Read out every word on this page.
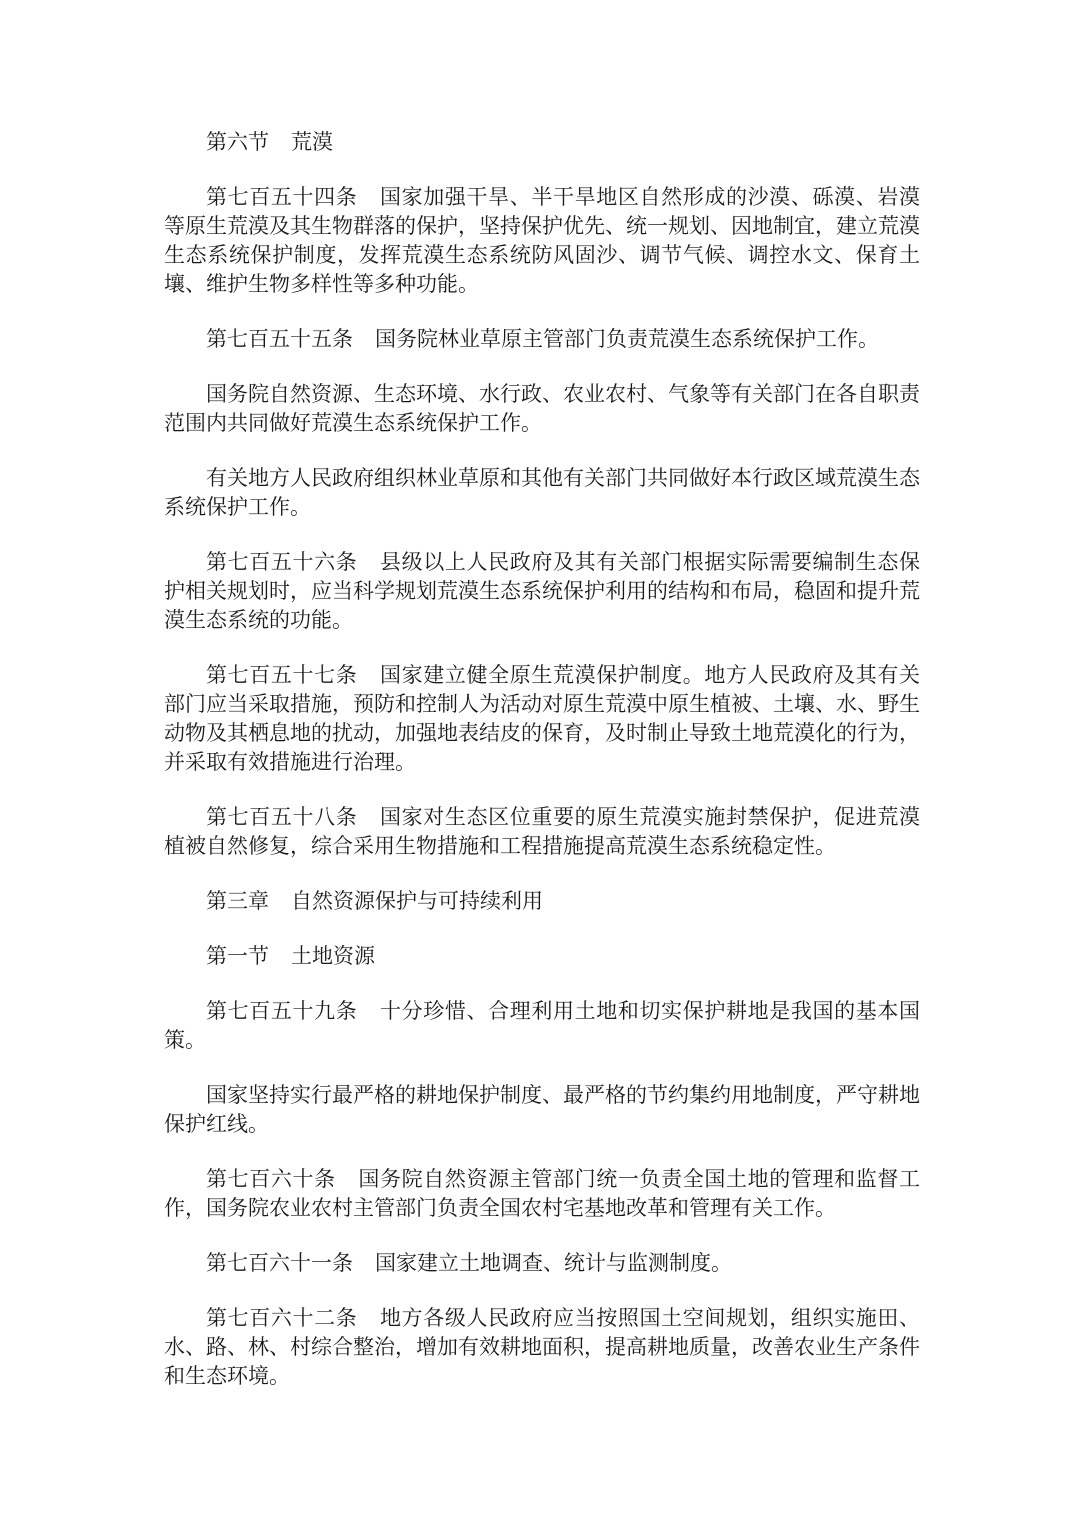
第六节 荒漠

第七百五十四条 国家加强干旱、半干旱地区自然形成的沙漠、砾漠、岩漠等原生荒漠及其生物群落的保护，坚持保护优先、统一规划、因地制宜，建立荒漠生态系统保护制度，发挥荒漠生态系统防风固沙、调节气候、调控水文、保育土壤、维护生物多样性等多种功能。

第七百五十五条 国务院林业草原主管部门负责荒漠生态系统保护工作。

国务院自然资源、生态环境、水行政、农业农村、气象等有关部门在各自职责范围内共同做好荒漠生态系统保护工作。

有关地方人民政府组织林业草原和其他有关部门共同做好本行政区域荒漠生态系统保护工作。

第七百五十六条 县级以上人民政府及其有关部门根据实际需要编制生态保护相关规划时，应当科学规划荒漠生态系统保护利用的结构和布局，稳固和提升荒漠生态系统的功能。

第七百五十七条 国家建立健全原生荒漠保护制度。地方人民政府及其有关部门应当采取措施，预防和控制人为活动对原生荒漠中原生植被、土壤、水、野生动物及其栖息地的扰动，加强地表结皮的保育，及时制止导致土地荒漠化的行为，并采取有效措施进行治理。

第七百五十八条 国家对生态区位重要的原生荒漠实施封禁保护，促进荒漠植被自然修复，综合采用生物措施和工程措施提高荒漠生态系统稳定性。

第三章 自然资源保护与可持续利用

第一节 土地资源

第七百五十九条 十分珍惜、合理利用土地和切实保护耕地是我国的基本国策。

国家坚持实行最严格的耕地保护制度、最严格的节约集约用地制度，严守耕地保护红线。

第七百六十条 国务院自然资源主管部门统一负责全国土地的管理和监督工作，国务院农业农村主管部门负责全国农村宅基地改革和管理有关工作。

第七百六十一条 国家建立土地调查、统计与监测制度。

第七百六十二条 地方各级人民政府应当按照国土空间规划，组织实施田、水、路、林、村综合整治，增加有效耕地面积，提高耕地质量，改善农业生产条件和生态环境。
